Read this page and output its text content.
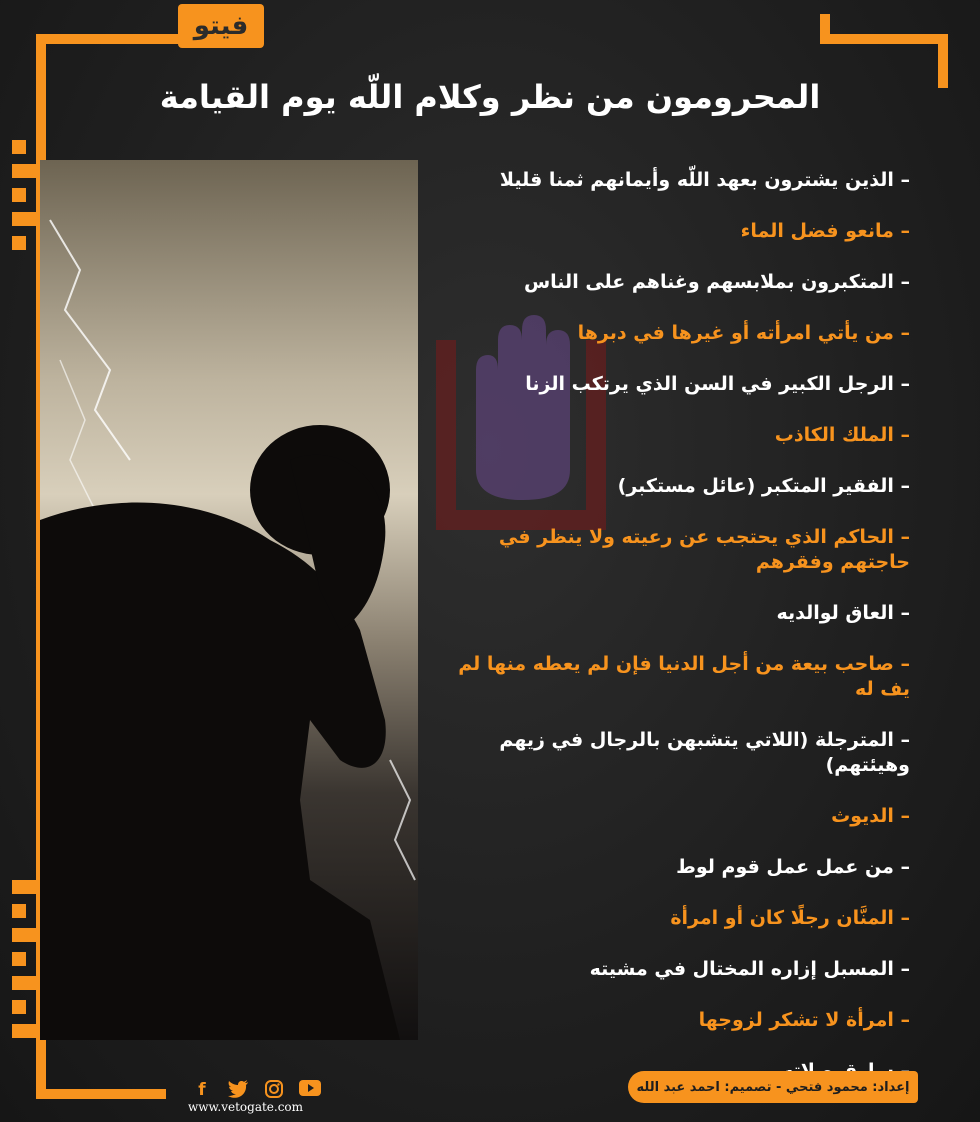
فيتو
المحرومون من نظر وكلام اللّه يوم القيامة
– الذين يشترون بعهد اللّه وأيمانهم ثمنا قليلا
– مانعو فضل الماء
– المتكبرون بملابسهم وغناهم على الناس
– من يأتي امرأته أو غيرها في دبرها
– الرجل الكبير في السن الذي يرتكب الزنا
– الملك الكاذب
– الفقير المتكبر (عائل مستكبر)
– الحاكم الذي يحتجب عن رعيته ولا ينظر في حاجتهم وفقرهم
– العاق لوالديه
– صاحب بيعة من أجل الدنيا فإن لم يعطه منها لم يف له
– المترجلة (اللاتي يتشبهن بالرجال في زيهم وهيئتهم)
– الديوث
– من عمل عمل قوم لوط
– المنَّان رجلًا كان أو امرأة
– المسبل إزاره المختال في مشيته
– امرأة لا تشكر لزوجها
إعداد: محمود فتحي - تصميم: احمد عبد الله
f
www.vetogate.com
